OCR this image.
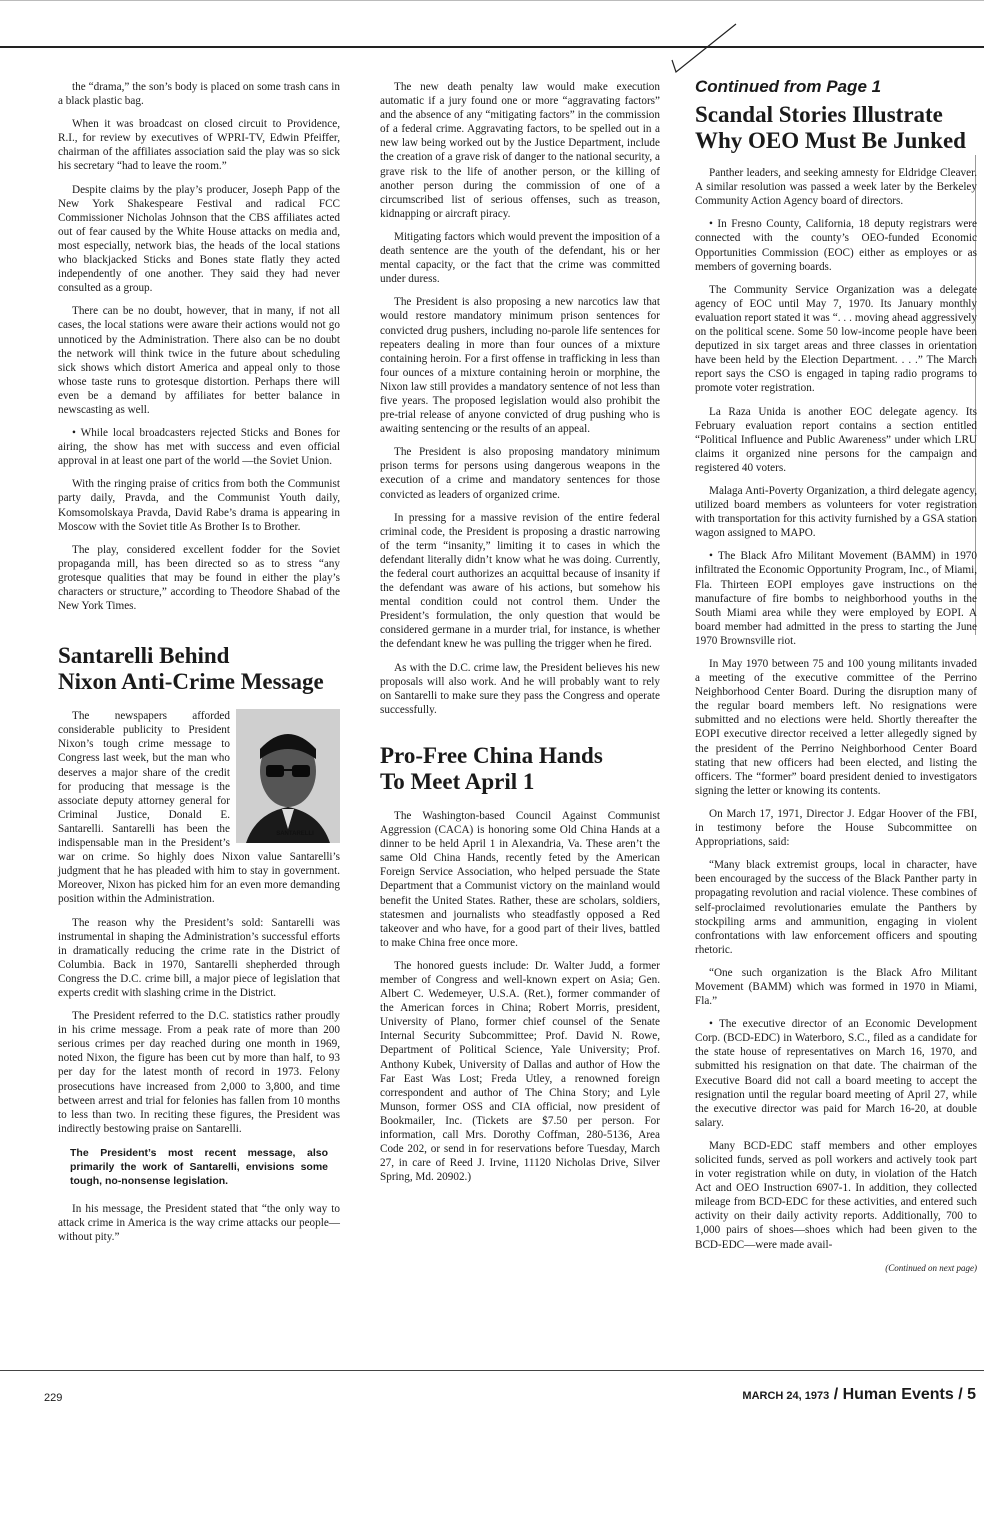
the “drama,” the son’s body is placed on some trash cans in a black plastic bag.

When it was broadcast on closed circuit to Providence, R.I., for review by executives of WPRI-TV, Edwin Pfeiffer, chairman of the affiliates association said the play was so sick his secretary “had to leave the room.”

Despite claims by the play’s producer, Joseph Papp of the New York Shakespeare Festival and radical FCC Commissioner Nicholas Johnson that the CBS affiliates acted out of fear caused by the White House attacks on media and, most especially, network bias, the heads of the local stations who blackjacked Sticks and Bones state flatly they acted independently of one another. They said they had never consulted as a group.

There can be no doubt, however, that in many, if not all cases, the local stations were aware their actions would not go unnoticed by the Administration. There also can be no doubt the network will think twice in the future about scheduling sick shows which distort America and appeal only to those whose taste runs to grotesque distortion. Perhaps there will even be a demand by affiliates for better balance in newscasting as well.

• While local broadcasters rejected Sticks and Bones for airing, the show has met with success and even official approval in at least one part of the world —the Soviet Union.

With the ringing praise of critics from both the Communist party daily, Pravda, and the Communist Youth daily, Komsomolskaya Pravda, David Rabe’s drama is appearing in Moscow with the Soviet title As Brother Is to Brother.

The play, considered excellent fodder for the Soviet propaganda mill, has been directed so as to stress “any grotesque qualities that may be found in either the play’s characters or structure,” according to Theodore Shabad of the New York Times.

Santarelli Behind
Nixon Anti-Crime Message

SANTARELLI
The newspapers afforded considerable publicity to President Nixon’s tough crime message to Congress last week, but the man who deserves a major share of the credit for producing that message is the associate deputy attorney general for Criminal Justice, Donald E. Santarelli. Santarelli has been the indispensable man in the President’s war on crime. So highly does Nixon value Santarelli’s judgment that he has pleaded with him to stay in government. Moreover, Nixon has picked him for an even more demanding position within the Administration.

The reason why the President’s sold: Santarelli was instrumental in shaping the Administration’s successful efforts in dramatically reducing the crime rate in the District of Columbia. Back in 1970, Santarelli shepherded through Congress the D.C. crime bill, a major piece of legislation that experts credit with slashing crime in the District.

The President referred to the D.C. statistics rather proudly in his crime message. From a peak rate of more than 200 serious crimes per day reached during one month in 1969, noted Nixon, the figure has been cut by more than half, to 93 per day for the latest month of record in 1973. Felony prosecutions have increased from 2,000 to 3,800, and time between arrest and trial for felonies has fallen from 10 months to less than two. In reciting these figures, the President was indirectly bestowing praise on Santarelli.

The President’s most recent message, also primarily the work of Santarelli, envisions some tough, no-nonsense legislation.

In his message, the President stated that “the only way to attack crime in America is the way crime attacks our people—without pity.”

The new death penalty law would make execution automatic if a jury found one or more “aggravating factors” and the absence of any “mitigating factors” in the commission of a federal crime. Aggravating factors, to be spelled out in a new law being worked out by the Justice Department, include the creation of a grave risk of danger to the national security, a grave risk to the life of another person, or the killing of another person during the commission of one of a circumscribed list of serious offenses, such as treason, kidnapping or aircraft piracy.

Mitigating factors which would prevent the imposition of a death sentence are the youth of the defendant, his or her mental capacity, or the fact that the crime was committed under duress.

The President is also proposing a new narcotics law that would restore mandatory minimum prison sentences for convicted drug pushers, including no-parole life sentences for repeaters dealing in more than four ounces of a mixture containing heroin. For a first offense in trafficking in less than four ounces of a mixture containing heroin or morphine, the Nixon law still provides a mandatory sentence of not less than five years. The proposed legislation would also prohibit the pre-trial release of anyone convicted of drug pushing who is awaiting sentencing or the results of an appeal.

The President is also proposing mandatory minimum prison terms for persons using dangerous weapons in the execution of a crime and mandatory sentences for those convicted as leaders of organized crime.

In pressing for a massive revision of the entire federal criminal code, the President is proposing a drastic narrowing of the term “insanity,” limiting it to cases in which the defendant literally didn’t know what he was doing. Currently, the federal court authorizes an acquittal because of insanity if the defendant was aware of his actions, but somehow his mental condition could not control them. Under the President’s formulation, the only question that would be considered germane in a murder trial, for instance, is whether the defendant knew he was pulling the trigger when he fired.

As with the D.C. crime law, the President believes his new proposals will also work. And he will probably want to rely on Santarelli to make sure they pass the Congress and operate successfully.

Pro-Free China Hands
To Meet April 1

The Washington-based Council Against Communist Aggression (CACA) is honoring some Old China Hands at a dinner to be held April 1 in Alexandria, Va. These aren’t the same Old China Hands, recently feted by the American Foreign Service Association, who helped persuade the State Department that a Communist victory on the mainland would benefit the United States. Rather, these are scholars, soldiers, statesmen and journalists who steadfastly opposed a Red takeover and who have, for a good part of their lives, battled to make China free once more.

The honored guests include: Dr. Walter Judd, a former member of Congress and well-known expert on Asia; Gen. Albert C. Wedemeyer, U.S.A. (Ret.), former commander of the American forces in China; Robert Morris, president, University of Plano, former chief counsel of the Senate Internal Security Subcommittee; Prof. David N. Rowe, Department of Political Science, Yale University; Prof. Anthony Kubek, University of Dallas and author of How the Far East Was Lost; Freda Utley, a renowned foreign correspondent and author of The China Story; and Lyle Munson, former OSS and CIA official, now president of Bookmailer, Inc. (Tickets are $7.50 per person. For information, call Mrs. Dorothy Coffman, 280-5136, Area Code 202, or send in for reservations before Tuesday, March 27, in care of Reed J. Irvine, 11120 Nicholas Drive, Silver Spring, Md. 20902.)

Continued from Page 1
Scandal Stories Illustrate
Why OEO Must Be Junked

Panther leaders, and seeking amnesty for Eldridge Cleaver. A similar resolution was passed a week later by the Berkeley Community Action Agency board of directors.

• In Fresno County, California, 18 deputy registrars were connected with the county’s OEO-funded Economic Opportunities Commission (EOC) either as employes or as members of governing boards.

The Community Service Organization was a delegate agency of EOC until May 7, 1970. Its January monthly evaluation report stated it was “. . . moving ahead aggressively on the political scene. Some 50 low-income people have been deputized in six target areas and three classes in orientation have been held by the Election Department. . . .” The March report says the CSO is engaged in taping radio programs to promote voter registration.

La Raza Unida is another EOC delegate agency. Its February evaluation report contains a section entitled “Political Influence and Public Awareness” under which LRU claims it organized nine persons for the campaign and registered 40 voters.

Malaga Anti-Poverty Organization, a third delegate agency, utilized board members as volunteers for voter registration with transportation for this activity furnished by a GSA station wagon assigned to MAPO.

• The Black Afro Militant Movement (BAMM) in 1970 infiltrated the Economic Opportunity Program, Inc., of Miami, Fla. Thirteen EOPI employes gave instructions on the manufacture of fire bombs to neighborhood youths in the South Miami area while they were employed by EOPI. A board member had admitted in the press to starting the June 1970 Brownsville riot.

In May 1970 between 75 and 100 young militants invaded a meeting of the executive committee of the Perrino Neighborhood Center Board. During the disruption many of the regular board members left. No resignations were submitted and no elections were held. Shortly thereafter the EOPI executive director received a letter allegedly signed by the president of the Perrino Neighborhood Center Board stating that new officers had been elected, and listing the officers. The “former” board president denied to investigators signing the letter or knowing its contents.

On March 17, 1971, Director J. Edgar Hoover of the FBI, in testimony before the House Subcommittee on Appropriations, said:

“Many black extremist groups, local in character, have been encouraged by the success of the Black Panther party in propagating revolution and racial violence. These combines of self-proclaimed revolutionaries emulate the Panthers by stockpiling arms and ammunition, engaging in violent confrontations with law enforcement officers and spouting rhetoric.

“One such organization is the Black Afro Militant Movement (BAMM) which was formed in 1970 in Miami, Fla.”

• The executive director of an Economic Development Corp. (BCD-EDC) in Waterboro, S.C., filed as a candidate for the state house of representatives on March 16, 1970, and submitted his resignation on that date. The chairman of the Executive Board did not call a board meeting to accept the resignation until the regular board meeting of April 27, while the executive director was paid for March 16-20, at double salary.

Many BCD-EDC staff members and other employes solicited funds, served as poll workers and actively took part in voter registration while on duty, in violation of the Hatch Act and OEO Instruction 6907-1. In addition, they collected mileage from BCD-EDC for these activities, and entered such activity on their daily activity reports. Additionally, 700 to 1,000 pairs of shoes—shoes which had been given to the BCD-EDC—were made avail-

(Continued on next page)

229	MARCH 24, 1973 / Human Events / 5
